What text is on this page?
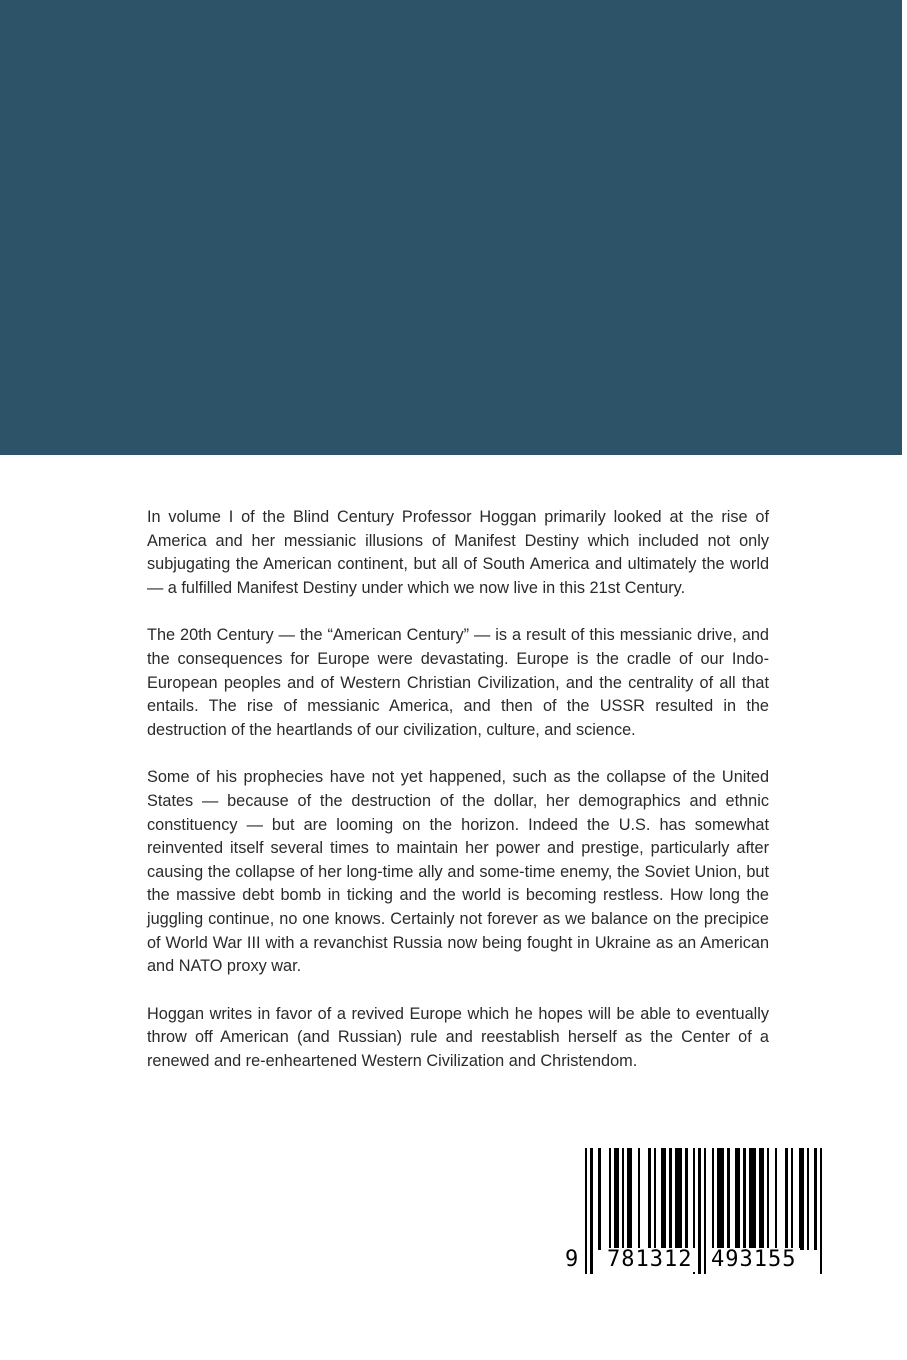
In volume I of the Blind Century Professor Hoggan primarily looked at the rise of America and her messianic illusions of Manifest Destiny which included not only subjugating the American continent, but all of South America and ultimately the world — a fulfilled Manifest Destiny under which we now live in this 21st Century.

The 20th Century — the “American Century” — is a result of this messianic drive, and the consequences for Europe were devastating. Europe is the cradle of our Indo-European peoples and of Western Christian Civilization, and the centrality of all that entails. The rise of messianic America, and then of the USSR resulted in the destruction of the heartlands of our civilization, culture, and science.

Some of his prophecies have not yet happened, such as the collapse of the United States — because of the destruction of the dollar, her demographics and ethnic constituency — but are looming on the horizon. Indeed the U.S. has somewhat reinvented itself several times to maintain her power and prestige, particularly after causing the collapse of her long-time ally and some-time enemy, the Soviet Union, but the massive debt bomb in ticking and the world is becoming restless. How long the juggling continue, no one knows. Certainly not forever as we balance on the precipice of World War III with a revanchist Russia now being fought in Ukraine as an American and NATO proxy war.

Hoggan writes in favor of a revived Europe which he hopes will be able to eventually throw off American (and Russian) rule and reestablish herself as the Center of a renewed and re-enheartened Western Civilization and Christendom.

9 781312 493155
